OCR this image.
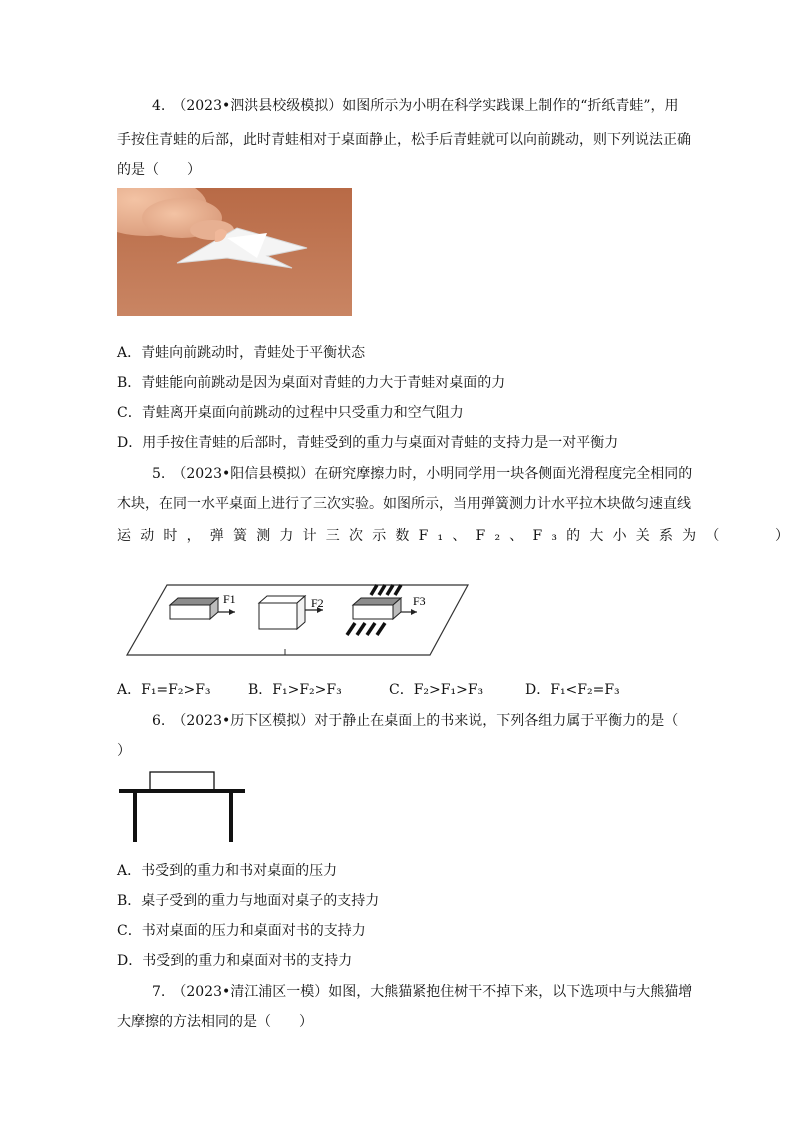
4.　（2023•泗洪县校级模拟）如图所示为小明在科学实践课上制作的“折纸青蛙”，用
手按住青蛙的后部，此时青蛙相对于桌面静止，松手后青蛙就可以向前跳动，则下列说法正确
的是（　　）
A．青蛙向前跳动时，青蛙处于平衡状态
B．青蛙能向前跳动是因为桌面对青蛙的力大于青蛙对桌面的力
C．青蛙离开桌面向前跳动的过程中只受重力和空气阻力
D．用手按住青蛙的后部时，青蛙受到的重力与桌面对青蛙的支持力是一对平衡力
5.　（2023•阳信县模拟）在研究摩擦力时，小明同学用一块各侧面光滑程度完全相同的
木块，在同一水平桌面上进行了三次实验。如图所示，当用弹簧测力计水平拉木块做匀速直线
运动时，弹簧测力计三次示数F₁、F₂、F₃的大小关系为（　　）
F1	F2	F3
A．F₁=F₂>F₃	B．F₁>F₂>F₃	C．F₂>F₁>F₃	D．F₁<F₂=F₃
6.　（2023•历下区模拟）对于静止在桌面上的书来说，下列各组力属于平衡力的是（
）
A．书受到的重力和书对桌面的压力
B．桌子受到的重力与地面对桌子的支持力
C．书对桌面的压力和桌面对书的支持力
D．书受到的重力和桌面对书的支持力
7.　（2023•清江浦区一模）如图，大熊猫紧抱住树干不掉下来，以下选项中与大熊猫增
大摩擦的方法相同的是（　　）
